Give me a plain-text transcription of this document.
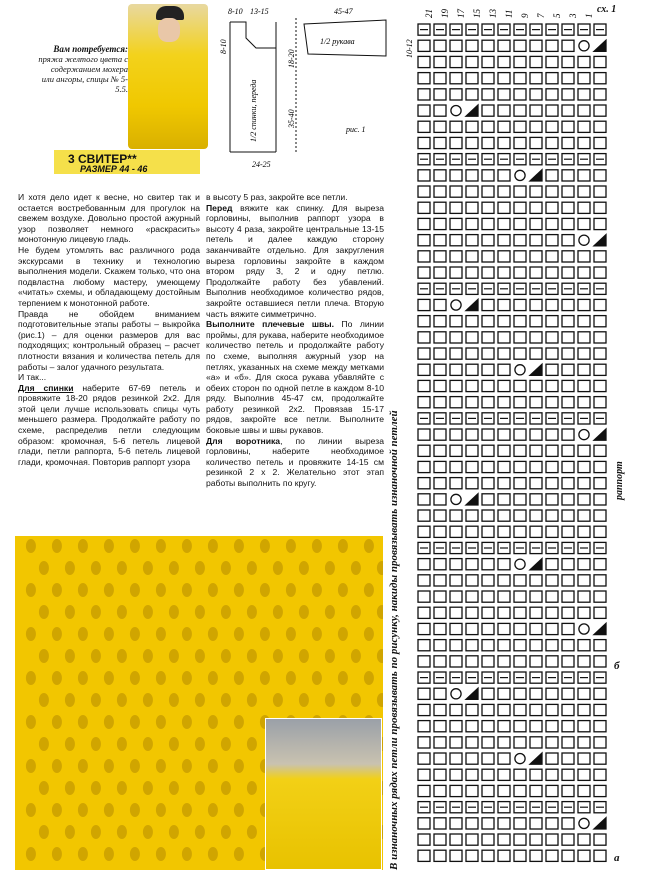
Вам потребуется:
пряжа желтого цвета с содержанием мохера или ангоры, спицы № 5-5.5.
8-10 13-15	45-47
24-25
1/2 рукава
рис. 1
8-10
1/2 спинки, переда
18-20
35-40
10-12
3 СВИТЕР**
РАЗМЕР 44 - 46

И хотя дело идет к весне, но свитер так и остается востребованным для прогулок на свежем воздухе. Довольно простой ажурный узор позволяет немного «раскрасить» монотонную лицевую гладь.

Не будем утомлять вас различного рода экскурсами в технику и технологию выполнения модели. Скажем только, что она подвластна любому мастеру, умеющему «читать» схемы, и обладающему достойным терпением к монотонной работе.

Правда не обойдем вниманием подготовительные этапы работы – выкройка (рис.1) – для оценки размеров для вас подходящих; контрольный образец – расчет плотности вязания и количества петель для работы – залог удачного результата.

И так...

Для спинки наберите 67-69 петель и провяжите 18-20 рядов резинкой 2х2. Для этой цели лучше использовать спицы чуть меньшего размера. Продолжайте работу по схеме, распределив петли следующим образом: кромочная, 5-6 петель лицевой глади, петли раппорта, 5-6 петель лицевой глади, кромочная. Повторив раппорт узора

в высоту 5 раз, закройте все петли.

Перед вяжите как спинку. Для выреза горловины, выполнив раппорт узора в высоту 4 раза, закройте центральные 13-15 петель и далее каждую сторону заканчивайте отдельно. Для закругления выреза горловины закройте в каждом втором ряду 3, 2 и одну петлю. Продолжайте работу без убавлений. Выполнив необходимое количество рядов, закройте оставшиеся петли плеча. Вторую часть вяжите симметрично.

Выполните плечевые швы. По линии проймы, для рукава, наберите необходимое количество петель и продолжайте работу по схеме, выполняя ажурный узор на петлях, указанных на схеме между метками «а» и «б». Для скоса рукава убавляйте с обеих сторон по одной петле в каждом 8-10 ряду. Выполнив 45-47 см, продолжайте работу резинкой 2х2. Провязав 15-17 рядов, закройте все петли. Выполните боковые швы и швы рукавов.

Для воротника, по линии выреза горловины, наберите необходимое количество петель и провяжите 14-15 см резинкой 2 х 2. Желательно этот этап работы выполнить по кругу.	В изнаночных рядах петли провязывать по рисунку, накиды провязывать изнаночной петлей
сх. 1
21 19 17 15 13 11 9 7 5 3 1
раппорт
б
а
